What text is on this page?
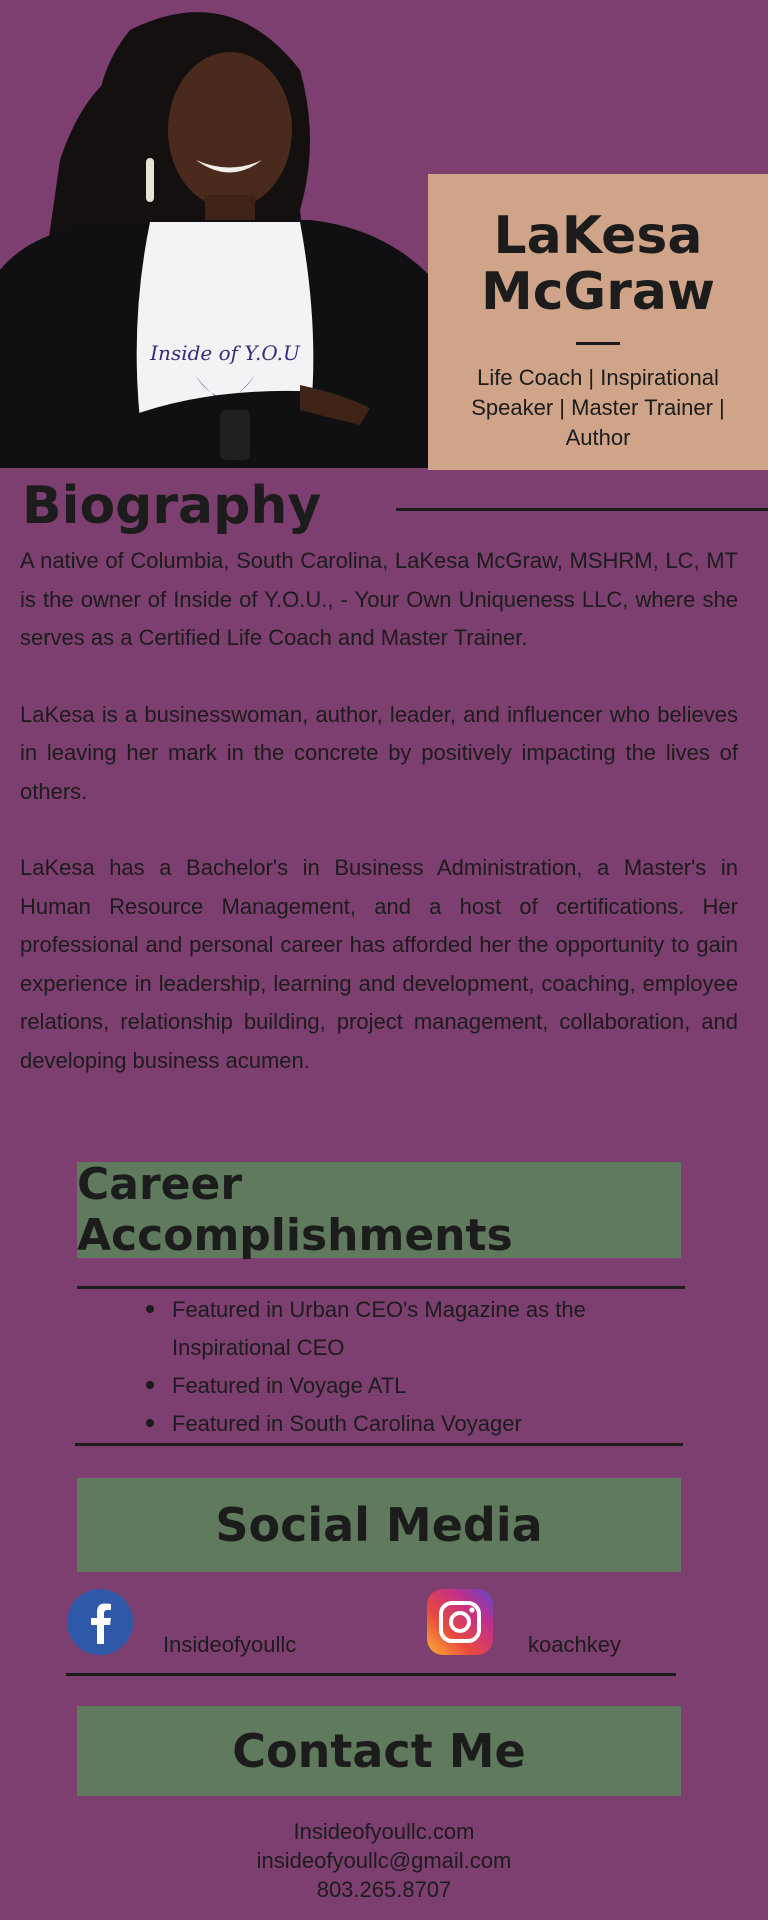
Inside of Y.O.U
LaKesa McGraw
Life Coach | Inspirational Speaker | Master Trainer | Author
Biography

A native of Columbia, South Carolina, LaKesa McGraw, MSHRM, LC, MT is the owner of Inside of Y.O.U., - Your Own Uniqueness LLC, where she serves as a Certified Life Coach and Master Trainer.

LaKesa is a businesswoman, author, leader, and influencer who believes in leaving her mark in the concrete by positively impacting the lives of others.

LaKesa has a Bachelor's in Business Administration, a Master's in Human Resource Management, and a host of certifications. Her professional and personal career has afforded her the opportunity to gain experience in leadership, learning and development, coaching, employee relations, relationship building, project management, collaboration, and developing business acumen.

Career Accomplishments
Featured in Urban CEO's Magazine as the Inspirational CEO
Featured in Voyage ATL
Featured in South Carolina Voyager
Social Media
Insideofyoullc	koachkey
Contact Me
Insideofyoullc.com
insideofyoullc@gmail.com
803.265.8707
